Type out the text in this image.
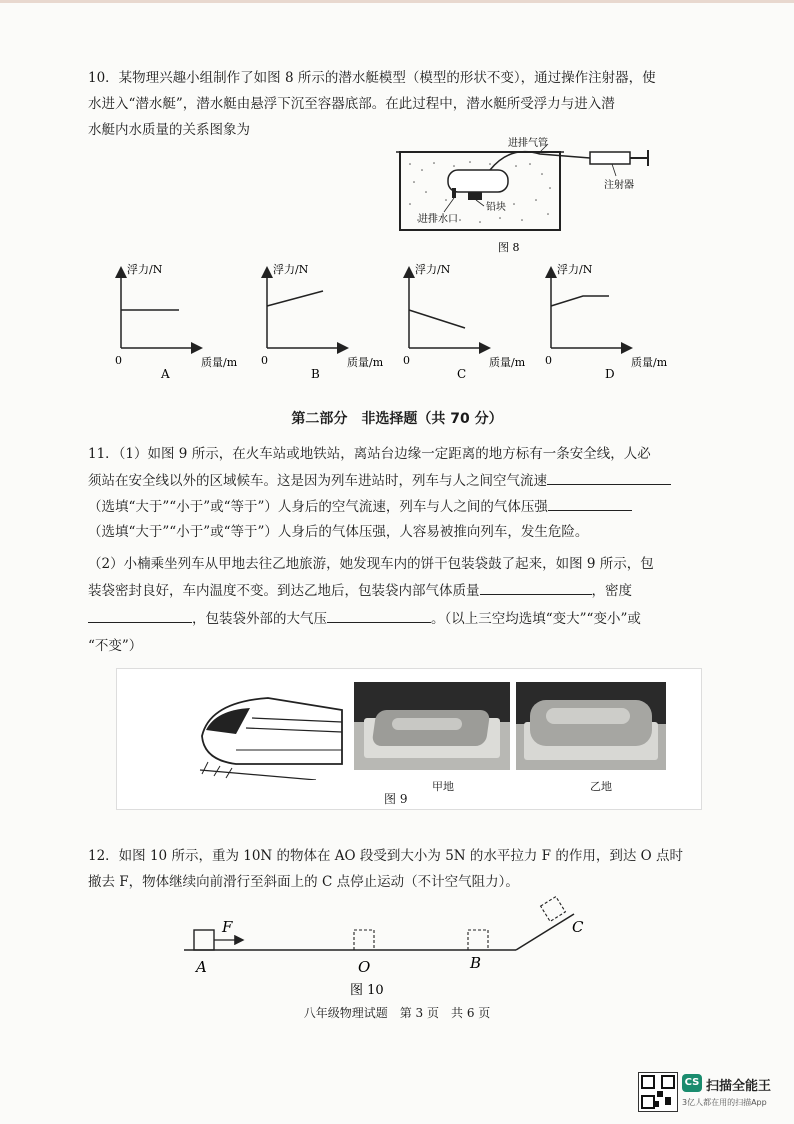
10．某物理兴趣小组制作了如图 8 所示的潜水艇模型（模型的形状不变），通过操作注射器，使
水进入“潜水艇”，潜水艇由悬浮下沉至容器底部。在此过程中，潜水艇所受浮力与进入潜
水艇内水质量的关系图象为
进排气管
注射器
进排水口
铅块
图 8
浮力/N
0	质量/m
A
浮力/N
0	质量/m
B
浮力/N
0	质量/m
C
浮力/N
0	质量/m
D
第二部分　非选择题（共 70 分）
11．（1）如图 9 所示，在火车站或地铁站，离站台边缘一定距离的地方标有一条安全线，人必
须站在安全线以外的区域候车。这是因为列车进站时，列车与人之间空气流速
（选填“大于”“小于”或“等于”）人身后的空气流速，列车与人之间的气体压强
（选填“大于”“小于”或“等于”）人身后的气体压强，人容易被推向列车，发生危险。
（2）小楠乘坐列车从甲地去往乙地旅游，她发现车内的饼干包装袋鼓了起来，如图 9 所示，包
装袋密封良好，车内温度不变。到达乙地后，包装袋内部气体质量	，密度
，包装袋外部的大气压	。（以上三空均选填“变大”“变小”或
“不变”）
图 9
甲地	乙地
12．如图 10 所示，重为 10N 的物体在 AO 段受到大小为 5N 的水平拉力 F 的作用，到达 O 点时
撤去 F，物体继续向前滑行至斜面上的 C 点停止运动（不计空气阻力）。
F
A	O	B
C
图 10
八年级物理试题　第 3 页　共 6 页
CS 扫描全能王
3亿人都在用的扫描App
